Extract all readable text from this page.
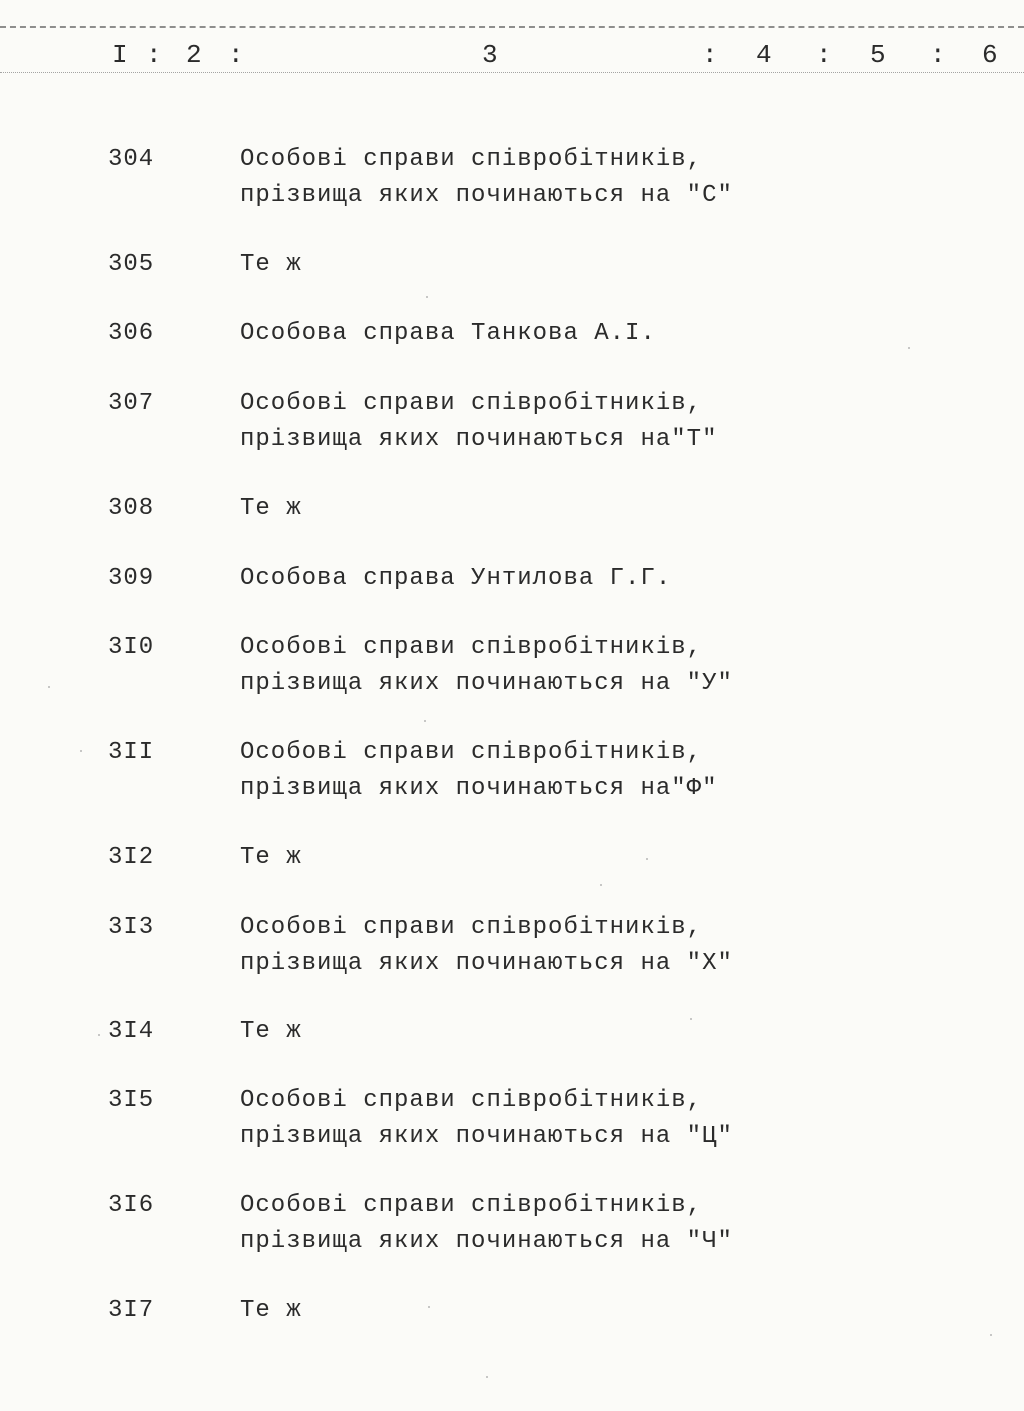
I : 2 :	3	: 4 : 5 : 6
304	Особові справи співробітників,
прізвища яких починаються на "С"
305	Те ж
306	Особова справа Танкова А.І.
307	Особові справи співробітників,
прізвища яких починаються на"Т"
308	Те ж
309	Особова справа Унтилова Г.Г.
3I0	Особові справи співробітників,
прізвища яких починаються на "У"
3II	Особові справи співробітників,
прізвища яких починаються на"Ф"
3I2	Те ж
3I3	Особові справи співробітників,
прізвища яких починаються на "Х"
3I4	Те ж
3I5	Особові справи співробітників,
прізвища яких починаються на "Ц"
3I6	Особові справи співробітників,
прізвища яких починаються на "Ч"
3I7	Те ж
